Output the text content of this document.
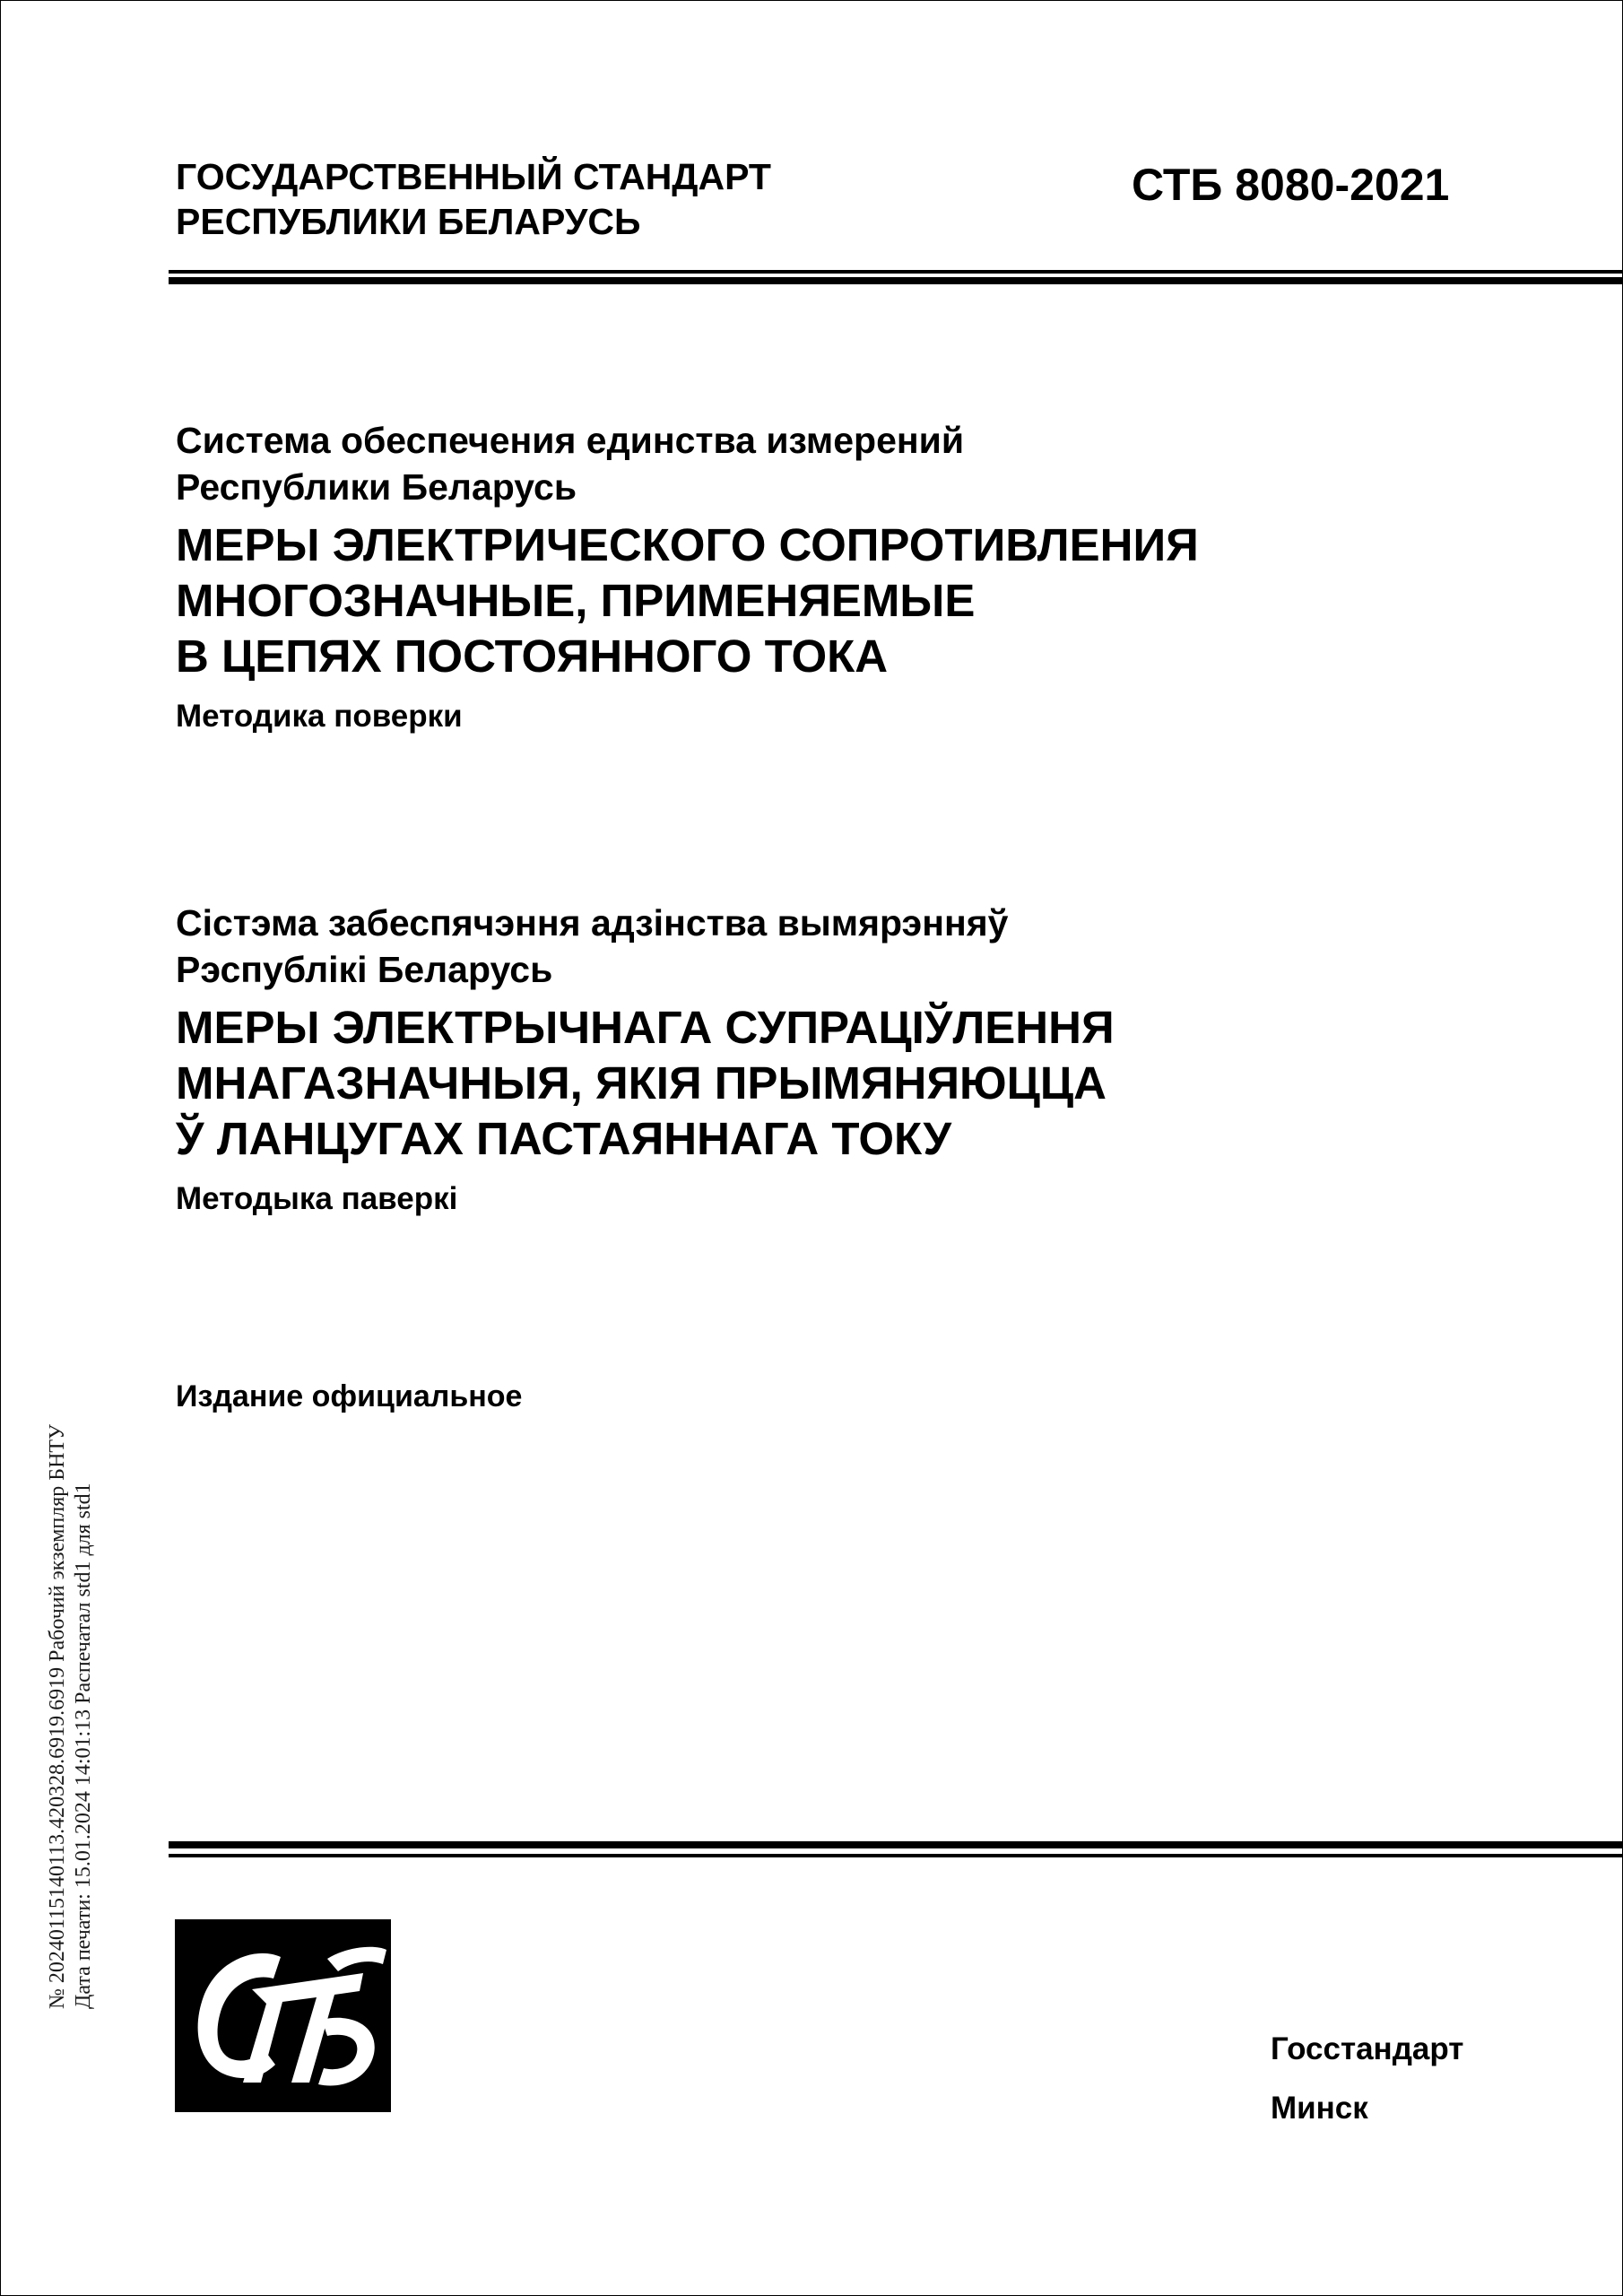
ГОСУДАРСТВЕННЫЙ СТАНДАРТ
РЕСПУБЛИКИ БЕЛАРУСЬ
СТБ 8080-2021
Система обеспечения единства измерений
Республики Беларусь
МЕРЫ ЭЛЕКТРИЧЕСКОГО СОПРОТИВЛЕНИЯ
МНОГОЗНАЧНЫЕ, ПРИМЕНЯЕМЫЕ
В ЦЕПЯХ ПОСТОЯННОГО ТОКА
Методика поверки
Сістэма забеспячэння адзінства вымярэнняў
Рэспублікі Беларусь
МЕРЫ ЭЛЕКТРЫЧНАГА СУПРАЦІЎЛЕННЯ
МНАГАЗНАЧНЫЯ, ЯКІЯ ПРЫМЯНЯЮЦЦА
Ў ЛАНЦУГАХ ПАСТАЯННАГА ТОКУ
Методыка паверкі
Издание официальное
№ 20240115140113.420328.6919.6919 Рабочий экземпляр БНТУ Дата печати: 15.01.2024 14:01:13 Распечатал std1 для std1
Госстандарт
Минск
